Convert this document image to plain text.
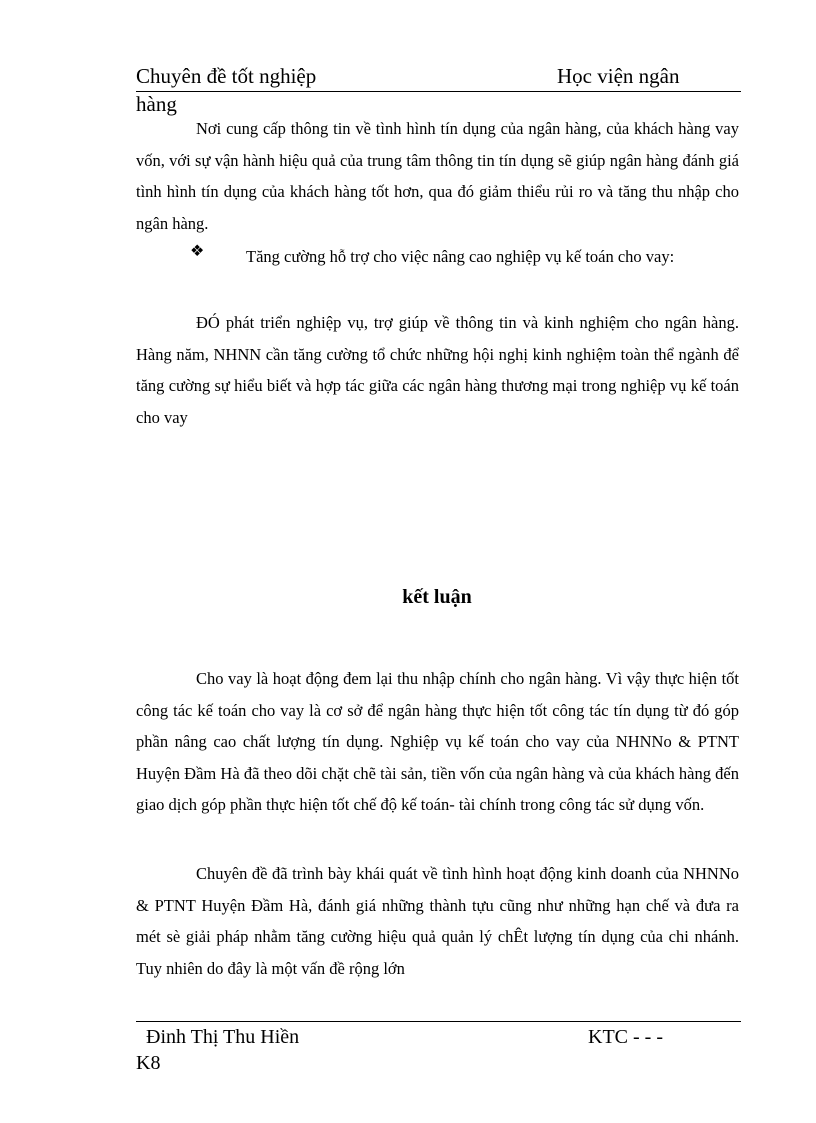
Chuyên đề tốt nghiệp	Học viện ngân
hàng
Nơi cung cấp thông tin về tình hình tín dụng của ngân hàng, của khách hàng vay vốn, với sự vận hành hiệu quả của trung tâm thông tin tín dụng sẽ giúp ngân hàng đánh giá tình hình tín dụng của khách hàng tốt hơn, qua đó giảm thiểu rủi ro và tăng thu nhập cho ngân hàng.
❖	Tăng cường hỗ trợ cho việc nâng cao nghiệp vụ kế toán cho vay:
ĐÓ phát triển nghiệp vụ, trợ giúp về thông tin và kinh nghiệm cho ngân hàng. Hàng năm, NHNN cần tăng cường tổ chức những hội nghị kinh nghiệm toàn thể ngành để tăng cường sự hiểu biết và hợp tác giữa các ngân hàng thương mại trong nghiệp vụ kế toán cho vay
kết luận
Cho vay là hoạt động đem lại thu nhập chính cho ngân hàng. Vì vậy thực hiện tốt công tác kế toán cho vay là cơ sở để ngân hàng thực hiện tốt công tác tín dụng từ đó góp phần nâng cao chất lượng tín dụng. Nghiệp vụ kế toán cho vay của NHNNo & PTNT Huyện Đầm Hà đã theo dõi chặt chẽ tài sản, tiền vốn của ngân hàng và của khách hàng đến giao dịch góp phần thực hiện tốt chế độ kế toán- tài chính trong công tác sử dụng vốn.
Chuyên đề đã trình bày khái quát về tình hình hoạt động kinh doanh của NHNNo & PTNT Huyện Đầm Hà, đánh giá những thành tựu cũng như những hạn chế và đưa ra mét sè giải pháp nhằm tăng cường hiệu quả quản lý chÊt lượng tín dụng của chi nhánh. Tuy nhiên do đây là một vấn đề rộng lớn
Đinh Thị Thu Hiền	KTC - - -
K8
